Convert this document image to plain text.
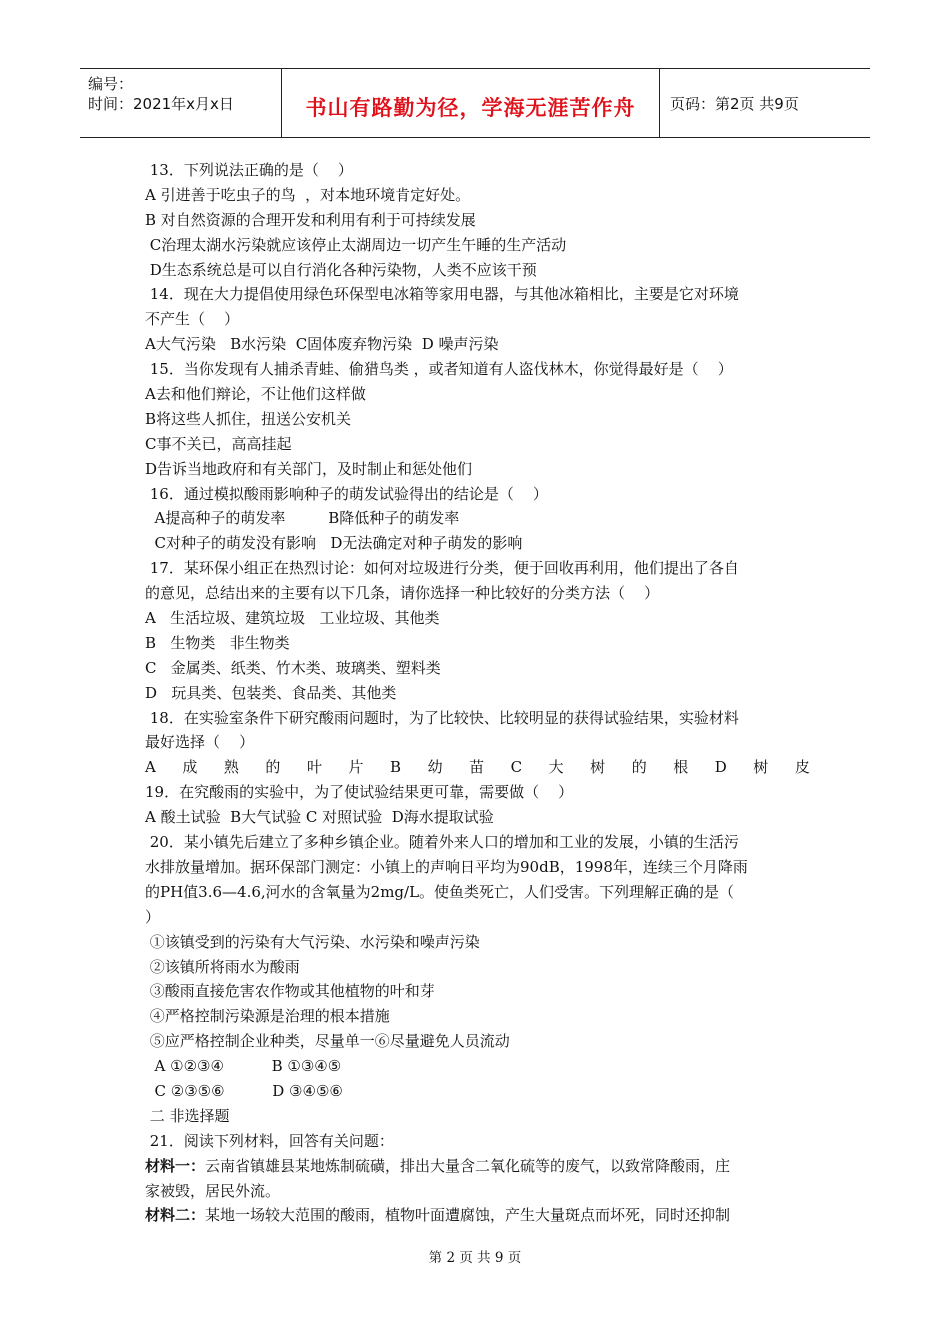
编号：
时间：2021年x月x日	书山有路勤为径，学海无涯苦作舟 页码：第2页 共9页
13．下列说法正确的是（    ）
A 引进善于吃虫子的鸟  ，对本地环境肯定好处。
B 对自然资源的合理开发和利用有利于可持续发展
C治理太湖水污染就应该停止太湖周边一切产生午睡的生产活动
D生态系统总是可以自行消化各种污染物，人类不应该干预
14．现在大力提倡使用绿色环保型电冰箱等家用电器，与其他冰箱相比，主要是它对环境
不产生（    ）
A大气污染   B水污染  C固体废弃物污染  D 噪声污染
15．当你发现有人捕杀青蛙、偷猎鸟类 ，或者知道有人盗伐林木，你觉得最好是（    ）
A去和他们辩论，不让他们这样做
B将这些人抓住，扭送公安机关
C事不关已，高高挂起
D告诉当地政府和有关部门，及时制止和惩处他们
16．通过模拟酸雨影响种子的萌发试验得出的结论是（    ）
A提高种子的萌发率         B降低种子的萌发率
C对种子的萌发没有影响   D无法确定对种子萌发的影响
17．某环保小组正在热烈讨论：如何对垃圾进行分类，便于回收再利用，他们提出了各自
的意见，总结出来的主要有以下几条，请你选择一种比较好的分类方法（    ）
A   生活垃圾、建筑垃圾   工业垃圾、其他类
B   生物类   非生物类
C   金属类、纸类、竹木类、玻璃类、塑料类
D   玩具类、包装类、食品类、其他类
18．在实验室条件下研究酸雨问题时，为了比较快、比较明显的获得试验结果，实验材料
最好选择（    ）
A 成 熟 的 叶 片 B 幼 苗 C 大 树 的 根 D 树 皮
19．在究酸雨的实验中，为了使试验结果更可靠，需要做（    ）
A 酸土试验  B大气试验 C 对照试验  D海水提取试验
20．某小镇先后建立了多种乡镇企业。随着外来人口的增加和工业的发展，小镇的生活污
水排放量增加。据环保部门测定：小镇上的声响日平均为90dB，1998年，连续三个月降雨
的PH值3.6—4.6,河水的含氧量为2mg/L。使鱼类死亡，人们受害。下列理解正确的是（
）
①该镇受到的污染有大气污染、水污染和噪声污染
②该镇所将雨水为酸雨
③酸雨直接危害农作物或其他植物的叶和芽
④严格控制污染源是治理的根本措施
⑤应严格控制企业种类，尽量单一⑥尽量避免人员流动
A ①②③④          B ①③④⑤
C ②③⑤⑥          D ③④⑤⑥
二 非选择题
21．阅读下列材料，回答有关问题：
材料一：云南省镇雄县某地炼制硫磺，排出大量含二氧化硫等的废气，以致常降酸雨，庄
家被毁，居民外流。
材料二：某地一场较大范围的酸雨，植物叶面遭腐蚀，产生大量斑点而坏死，同时还抑制
第 2 页 共 9 页
